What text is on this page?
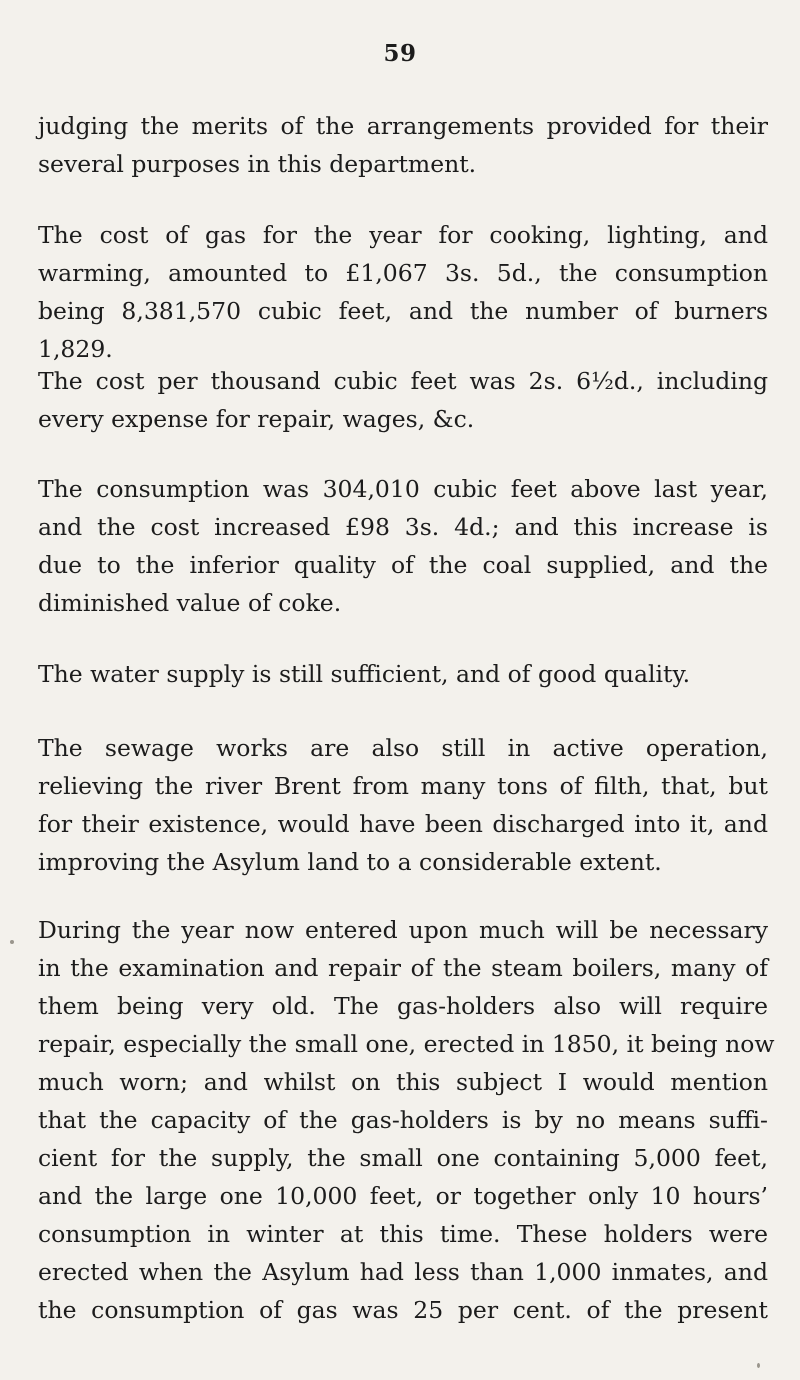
59
judging the merits of the arrangements provided for their
several purposes in this department.
The cost of gas for the year for cooking, lighting, and
warming, amounted to £1,067 3s. 5d., the consumption
being 8,381,570 cubic feet, and the number of burners
1,829.
The cost per thousand cubic feet was 2s. 6½d., including
every expense for repair, wages, &c.
The consumption was 304,010 cubic feet above last year,
and the cost increased £98 3s. 4d.; and this increase is
due to the inferior quality of the coal supplied, and the
diminished value of coke.
The water supply is still sufficient, and of good quality.
The sewage works are also still in active operation,
relieving the river Brent from many tons of filth, that, but
for their existence, would have been discharged into it, and
improving the Asylum land to a considerable extent.
During the year now entered upon much will be necessary
in the examination and repair of the steam boilers, many of
them being very old. The gas-holders also will require
repair, especially the small one, erected in 1850, it being now
much worn; and whilst on this subject I would mention
that the capacity of the gas-holders is by no means suffi-
cient for the supply, the small one containing 5,000 feet,
and the large one 10,000 feet, or together only 10 hours’
consumption in winter at this time. These holders were
erected when the Asylum had less than 1,000 inmates, and
the consumption of gas was 25 per cent. of the present
